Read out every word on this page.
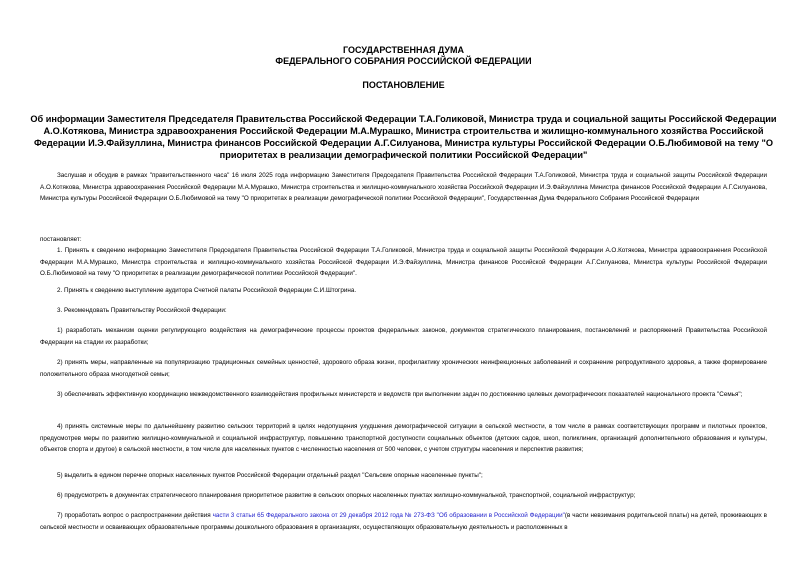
ГОСУДАРСТВЕННАЯ ДУМА
ФЕДЕРАЛЬНОГО СОБРАНИЯ РОССИЙСКОЙ ФЕДЕРАЦИИ
ПОСТАНОВЛЕНИЕ
Об информации Заместителя Председателя Правительства Российской Федерации Т.А.Голиковой, Министра труда и социальной защиты Российской Федерации А.О.Котякова, Министра здравоохранения Российской Федерации М.А.Мурашко, Министра строительства и жилищно-коммунального хозяйства Российской Федерации И.Э.Файзуллина, Министра финансов Российской Федерации А.Г.Силуанова, Министра культуры Российской Федерации О.Б.Любимовой на тему "О приоритетах в реализации демографической политики Российской Федерации"

Заслушав и обсудив в рамках "правительственного часа" 16 июля 2025 года информацию Заместителя Председателя Правительства Российской Федерации Т.А.Голиковой, Министра труда и социальной защиты Российской Федерации А.О.Котякова, Министра здравоохранения Российской Федерации М.А.Мурашко, Министра строительства и жилищно-коммунального хозяйства Российской Федерации И.Э.Файзуллина Министра финансов Российской Федерации А.Г.Силуанова, Министра культуры Российской Федерации О.Б.Любимовой на тему "О приоритетах в реализации демографической политики Российской Федерации", Государственная Дума Федерального Собрания Российской Федерации

постановляет:

1. Принять к сведению информацию Заместителя Председателя Правительства Российской Федерации Т.А.Голиковой, Министра труда и социальной защиты Российской Федерации А.О.Котякова, Министра здравоохранения Российской Федерации М.А.Мурашко, Министра строительства и жилищно-коммунального хозяйства Российской Федерации И.Э.Файзуллина, Министра финансов Российской Федерации А.Г.Силуанова, Министра культуры Российской Федерации О.Б.Любимовой на тему "О приоритетах в реализации демографической политики Российской Федерации".

2. Принять к сведению выступление аудитора Счетной палаты Российской Федерации С.И.Штогрина.

3. Рекомендовать Правительству Российской Федерации:

1) разработать механизм оценки регулирующего воздействия на демографические процессы проектов федеральных законов, документов стратегического планирования, постановлений и распоряжений Правительства Российской Федерации на стадии их разработки;

2) принять меры, направленные на популяризацию традиционных семейных ценностей, здорового образа жизни, профилактику хронических неинфекционных заболеваний и сохранение репродуктивного здоровья, а также формирование положительного образа многодетной семьи;

3) обеспечивать эффективную координацию межведомственного взаимодействия профильных министерств и ведомств при выполнении задач по достижению целевых демографических показателей национального проекта "Семья";

4) принять системные меры по дальнейшему развитию сельских территорий в целях недопущения ухудшения демографической ситуации в сельской местности, в том числе в рамках соответствующих программ и пилотных проектов, предусмотрев меры по развитию жилищно-коммунальной и социальной инфраструктур, повышению транспортной доступности социальных объектов (детских садов, школ, поликлиник, организаций дополнительного образования и культуры, объектов спорта и другое) в сельской местности, в том числе для населенных пунктов с численностью населения от 500 человек, с учетом структуры населения и перспектив развития;

5) выделить в едином перечне опорных населенных пунктов Российской Федерации отдельный раздел "Сельские опорные населенные пункты";

6) предусмотреть в документах стратегического планирования приоритетное развитие в сельских опорных населенных пунктах жилищно-коммунальной, транспортной, социальной инфраструктур;

7) проработать вопрос о распространении действия части 3 статьи 65 Федерального закона от 29 декабря 2012 года № 273-ФЗ "Об образовании в Российской Федерации"(в части невзимания родительской платы) на детей, проживающих в сельской местности и осваивающих образовательные программы дошкольного образования в организациях, осуществляющих образовательную деятельность и расположенных в
